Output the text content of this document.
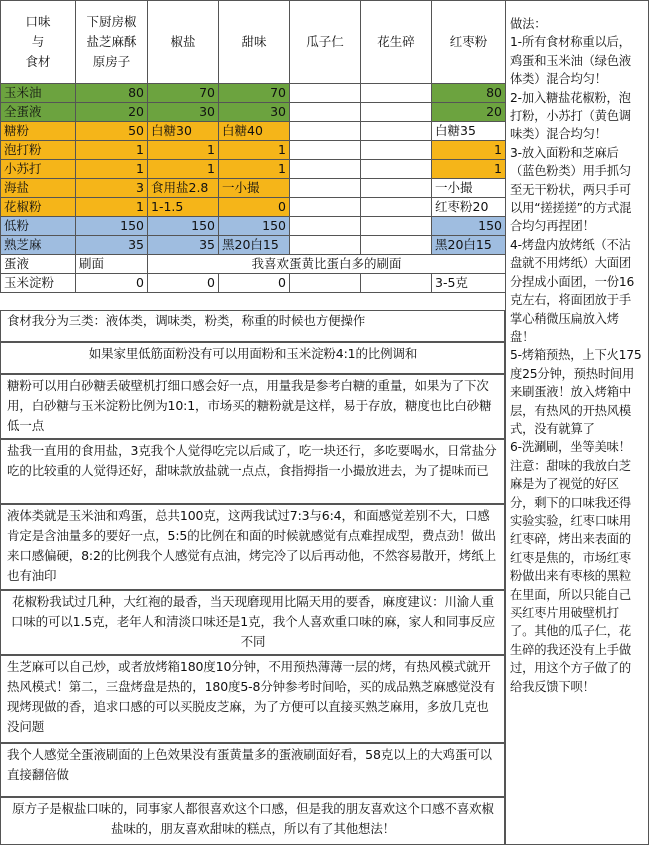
口味
与
食材	下厨房椒盐芝麻酥原房子	椒盐	甜味	瓜子仁	花生碎	红枣粉
玉米油	80	70	70			80
全蛋液	20	30	30			20
糖粉	50	白糖30	白糖40			白糖35
泡打粉	1	1	1			1
小苏打	1	1	1			1
海盐	3	食用盐2.8	一小撮			一小撮
花椒粉	1	1-1.5	0			红枣粉20
低粉	150	150	150			150
熟芝麻	35	35	黑20白15			黑20白15
蛋液	刷面	我喜欢蛋黄比蛋白多的刷面				
玉米淀粉	0	0	0			3-5克
食材我分为三类：液体类，调味类，粉类，称重的时候也方便操作
如果家里低筋面粉没有可以用面粉和玉米淀粉4:1的比例调和
糖粉可以用白砂糖丢破壁机打细口感会好一点，用量我是参考白糖的重量，如果为了下次用，白砂糖与玉米淀粉比例为10:1，市场买的糖粉就是这样，易于存放，糖度也比白砂糖低一点
盐我一直用的食用盐，3克我个人觉得吃完以后咸了，吃一块还行，多吃要喝水，日常盐分吃的比较重的人觉得还好，甜味款放盐就一点点，食指拇指一小撮放进去，为了提味而已
液体类就是玉米油和鸡蛋，总共100克，这两我试过7:3与6:4，和面感觉差别不大，口感肯定是含油量多的要好一点，5:5的比例在和面的时候就感觉有点难捏成型，费点劲！做出来口感偏硬，8:2的比例我个人感觉有点油，烤完冷了以后再动他，不然容易散开，烤纸上也有油印
花椒粉我试过几种，大红袍的最香，当天现磨现用比隔天用的要香，麻度建议：川渝人重口味的可以1.5克，老年人和清淡口味还是1克，我个人喜欢重口味的麻，家人和同事反应不同
生芝麻可以自己炒，或者放烤箱180度10分钟，不用预热薄薄一层的烤，有热风模式就开热风模式！第二，三盘烤盘是热的，180度5-8分钟参考时间哈，买的成品熟芝麻感觉没有现烤现做的香，追求口感的可以买脱皮芝麻，为了方便可以直接买熟芝麻用，多放几克也没问题
我个人感觉全蛋液刷面的上色效果没有蛋黄量多的蛋液刷面好看，58克以上的大鸡蛋可以直接翻倍做
原方子是椒盐口味的，同事家人都很喜欢这个口感，但是我的朋友喜欢这个口感不喜欢椒盐味的，朋友喜欢甜味的糕点，所以有了其他想法！

做法：

1-所有食材称重以后，鸡蛋和玉米油（绿色液体类）混合均匀！

2-加入糖盐花椒粉，泡打粉，小苏打（黄色调味类）混合均匀！

3-放入面粉和芝麻后（蓝色粉类）用手抓匀至无干粉状，两只手可以用“搓搓搓”的方式混合均匀再捏团！

4-烤盘内放烤纸（不沾盘就不用烤纸）大面团分捏成小面团，一份16克左右，将面团放于手掌心稍微压扁放入烤盘！

5-烤箱预热，上下火175度25分钟，预热时间用来刷蛋液！放入烤箱中层，有热风的开热风模式，没有就算了

6-洗涮刷，坐等美味！

注意：甜味的我放白芝麻是为了视觉的好区分，剩下的口味我还得实验实验，红枣口味用红枣碎，烤出来表面的红枣是焦的，市场红枣粉做出来有枣核的黑粒在里面，所以只能自己买红枣片用破壁机打了。其他的瓜子仁，花生碎的我还没有上手做过，用这个方子做了的给我反馈下呗！
